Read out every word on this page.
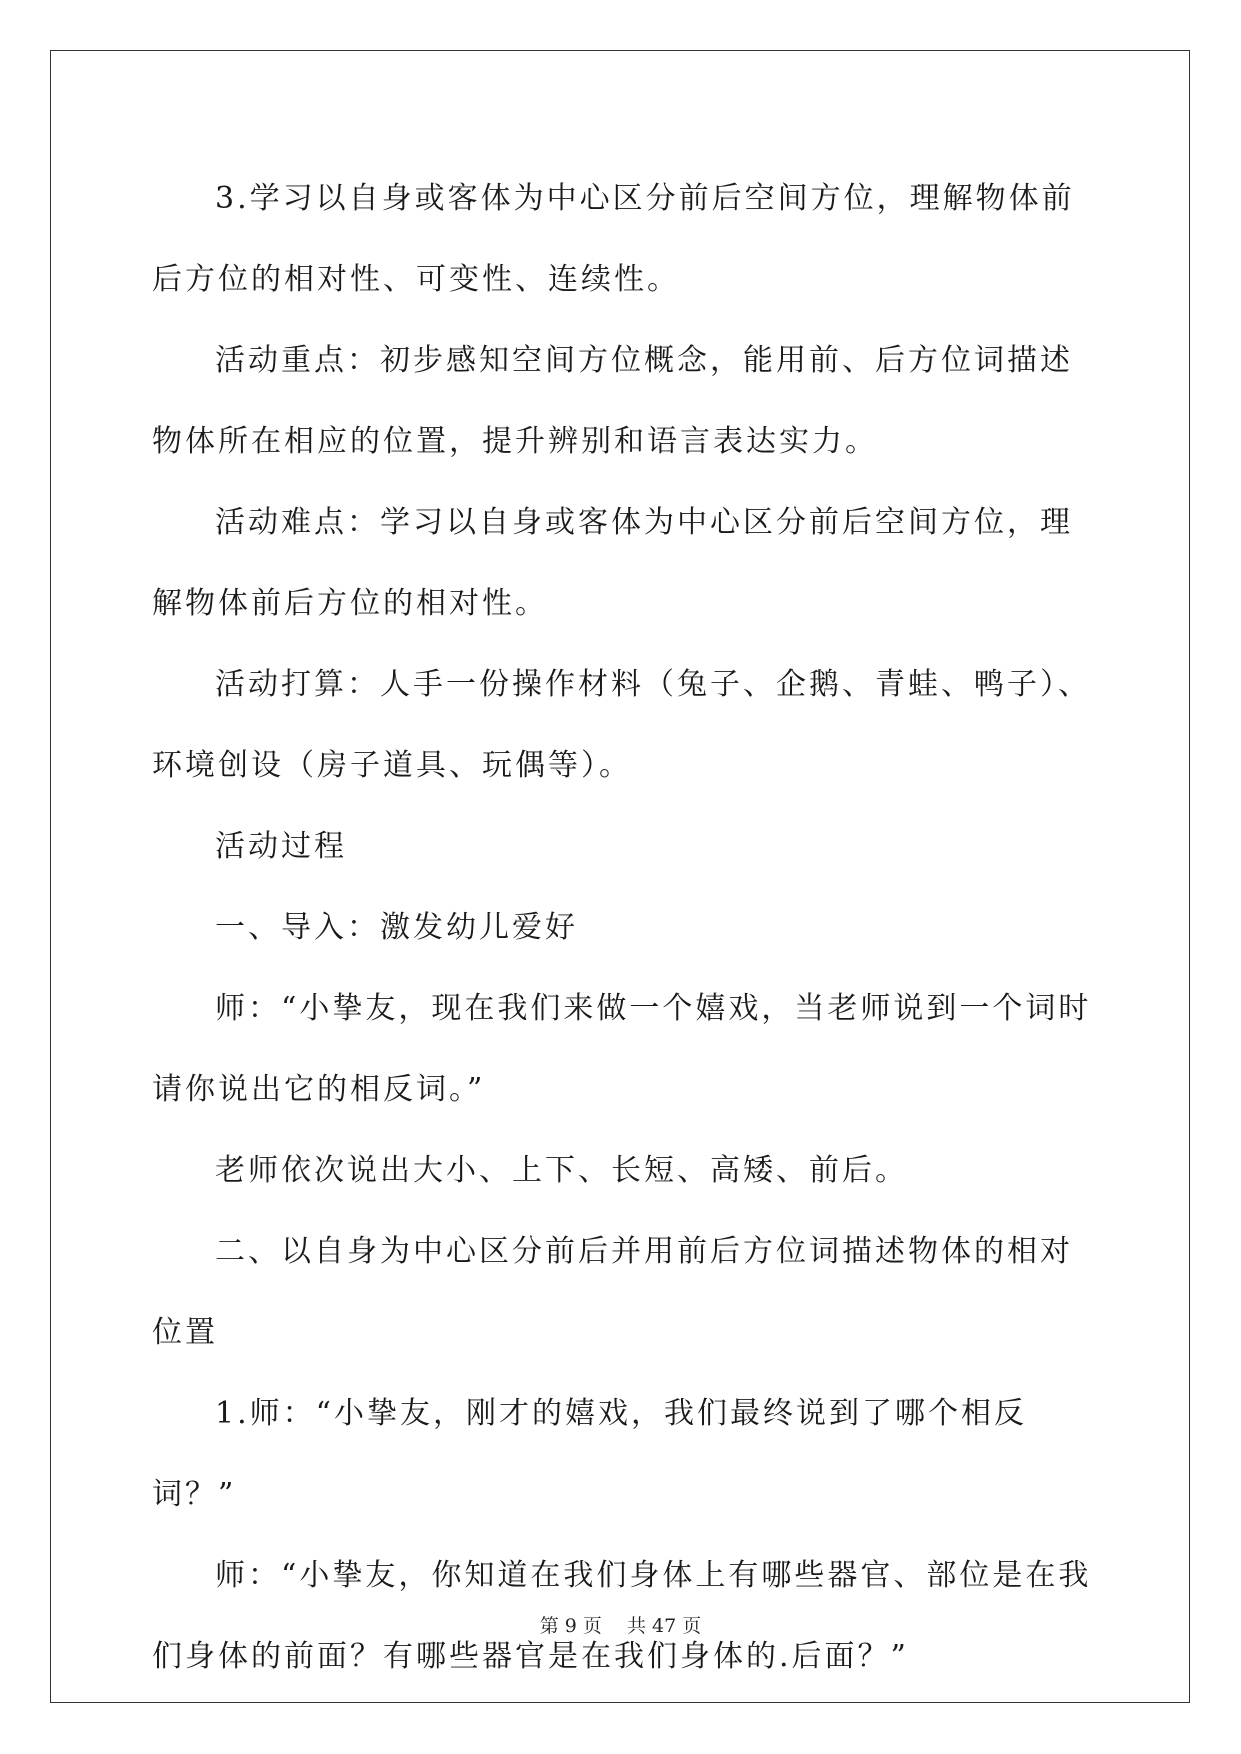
3.学习以自身或客体为中心区分前后空间方位，理解物体前后方位的相对性、可变性、连续性。

活动重点：初步感知空间方位概念，能用前、后方位词描述物体所在相应的位置，提升辨别和语言表达实力。

活动难点：学习以自身或客体为中心区分前后空间方位，理解物体前后方位的相对性。

活动打算：人手一份操作材料（兔子、企鹅、青蛙、鸭子）、环境创设（房子道具、玩偶等）。

活动过程

一、导入：激发幼儿爱好

师：“小挚友，现在我们来做一个嬉戏，当老师说到一个词时请你说出它的相反词。”

老师依次说出大小、上下、长短、高矮、前后。

二、以自身为中心区分前后并用前后方位词描述物体的相对位置

1.师：“小挚友，刚才的嬉戏，我们最终说到了哪个相反词？”

师：“小挚友，你知道在我们身体上有哪些器官、部位是在我们身体的前面？有哪些器官是在我们身体的.后面？”

第 9 页　 共 47 页
